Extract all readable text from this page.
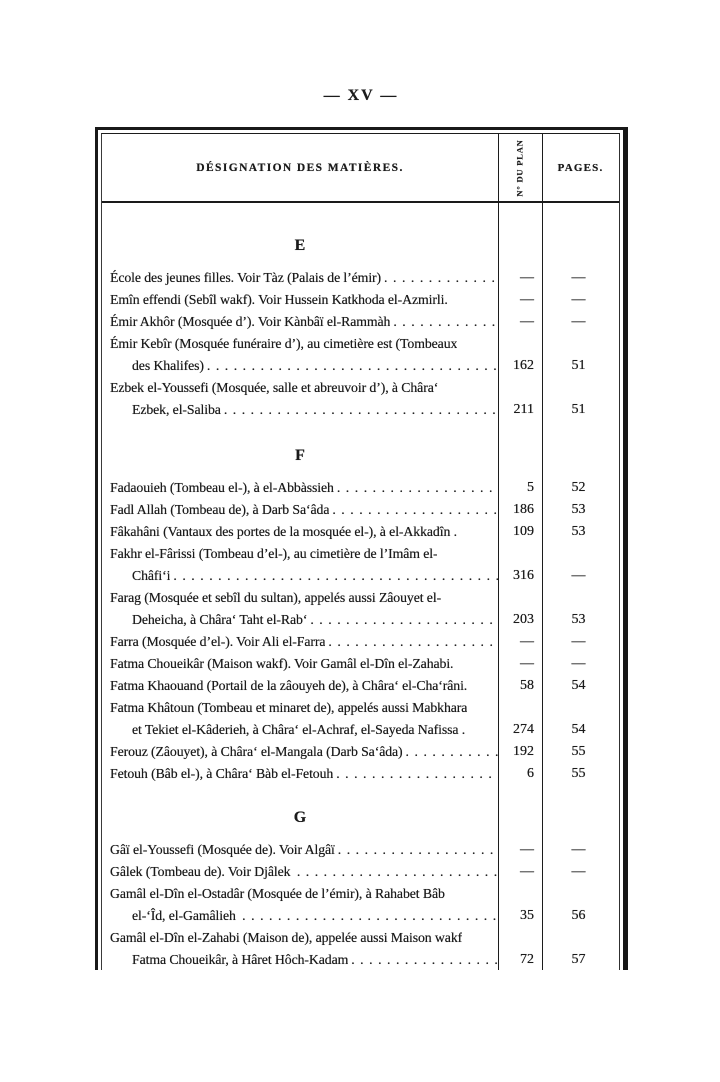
— XV —
DÉSIGNATION DES MATIÈRES.	N° DU PLAN	PAGES.
E
École des jeunes filles. Voir Tàz (Palais de l’émir) .....	—	—
Emîn effendi (Sebîl wakf). Voir Hussein Katkhoda el-Azmirli.	—	—
Émir Akhôr (Mosquée d’). Voir Kànbâï el-Rammàh .....	—	—
Émir Kebîr (Mosquée funéraire d’), au cimetière est (Tombeaux
des Khalifes) .....	162	51
Ezbek el-Youssefi (Mosquée, salle et abreuvoir d’), à Châra‘
Ezbek, el-Saliba .....	211	51
F
Fadaouieh (Tombeau el-), à el-Abbàssieh .....	5	52
Fadl Allah (Tombeau de), à Darb Sa‘âda .....	186	53
Fâkahâni (Vantaux des portes de la mosquée el-), à el-Akkadîn .	109	53
Fakhr el-Fârissi (Tombeau d’el-), au cimetière de l’Imâm el-
Châfi‘i .....	316	—
Farag (Mosquée et sebîl du sultan), appelés aussi Zâouyet el-
Deheicha, à Châra‘ Taht el-Rab‘ .....	203	53
Farra (Mosquée d’el-). Voir Ali el-Farra .....	—	—
Fatma Choueikâr (Maison wakf). Voir Gamâl el-Dîn el-Zahabi.	—	—
Fatma Khaouand (Portail de la zâouyeh de), à Châra‘ el-Cha‘râni.	58	54
Fatma Khâtoun (Tombeau et minaret de), appelés aussi Mabkhara
et Tekiet el-Kâderieh, à Châra‘ el-Achraf, el-Sayeda Nafissa .	274	54
Ferouz (Zâouyet), à Châra‘ el-Mangala (Darb Sa‘âda) .....	192	55
Fetouh (Bâb el-), à Châra‘ Bàb el-Fetouh .....	6	55
G
Gâï el-Youssefi (Mosquée de). Voir Algâï .....	—	—
Gâlek (Tombeau de). Voir Djâlek .....	—	—
Gamâl el-Dîn el-Ostadâr (Mosquée de l’émir), à Rahabet Bâb
el-‘Îd, el-Gamâlieh .....	35	56
Gamâl el-Dîn el-Zahabi (Maison de), appelée aussi Maison wakf
Fatma Choueikâr, à Hâret Hôch-Kadam .....	72	57
